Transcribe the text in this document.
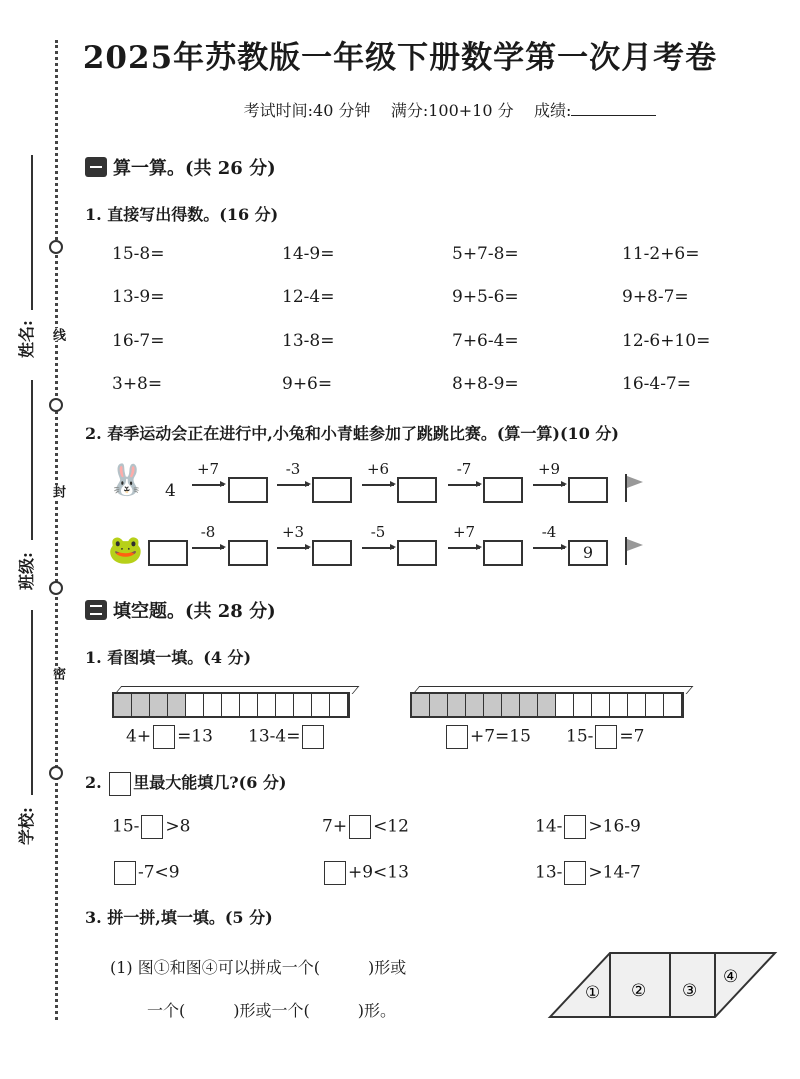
线
封
密
姓名:
班级:
学校:
2025年苏教版一年级下册数学第一次月考卷
考试时间:40 分钟 满分:100+10 分 成绩:
算一算。(共 26 分)
1. 直接写出得数。(16 分)
15-8=	14-9=	5+7-8=	11-2+6=
13-9=	12-4=	9+5-6=	9+8-7=
16-7=	13-8=	7+6-4=	12-6+10=
3+8=	9+6=	8+8-9=	16-4-7=
2. 春季运动会正在进行中,小兔和小青蛙参加了跳跳比赛。(算一算)(10 分)
🐰 4
🐸
+7	-3	+6	-7	+9
-8	+3	-5	+7	-4
9
填空题。(共 28 分)
1. 看图填一填。(4 分)
4+ =13 13-4=	+7=15 15- =7
2. 里最大能填几?(6 分)
15- >8	7+ <12	14- >16-9
-7<9	+9<13	13- >14-7
3. 拼一拼,填一填。(5 分)
(1) 图①和图④可以拼成一个(　　　)形或
一个(　　　)形或一个(　　　)形。
① ② ③
④
